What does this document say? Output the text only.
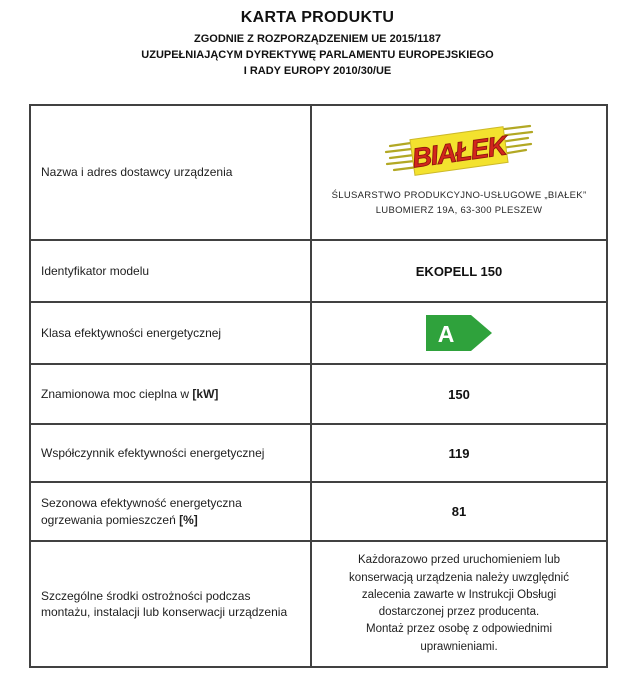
KARTA PRODUKTU
ZGODNIE Z ROZPORZĄDZENIEM UE 2015/1187
UZUPEŁNIAJĄCYM DYREKTYWĘ PARLAMENTU EUROPEJSKIEGO
I RADY EUROPY 2010/30/UE
Nazwa i adres dostawcy urządzenia	BIAŁEK
ŚLUSARSTWO PRODUKCYJNO-USŁUGOWE „BIAŁEK”
LUBOMIERZ 19A, 63-300 PLESZEW

Identyfikator modelu	EKOPELL 150
Klasa efektywności energetycznej	A

Znamionowa moc cieplna w [kW]	150
Współczynnik efektywności energetycznej	119
Sezonowa efektywność energetyczna ogrzewania pomieszczeń [%]	81
Szczególne środki ostrożności podczas montażu, instalacji lub konserwacji urządzenia	Każdorazowo przed uruchomieniem lub konserwacją urządzenia należy uwzględnić zalecenia zawarte w Instrukcji Obsługi dostarczonej przez producenta.
Montaż przez osobę z odpowiednimi uprawnieniami.
